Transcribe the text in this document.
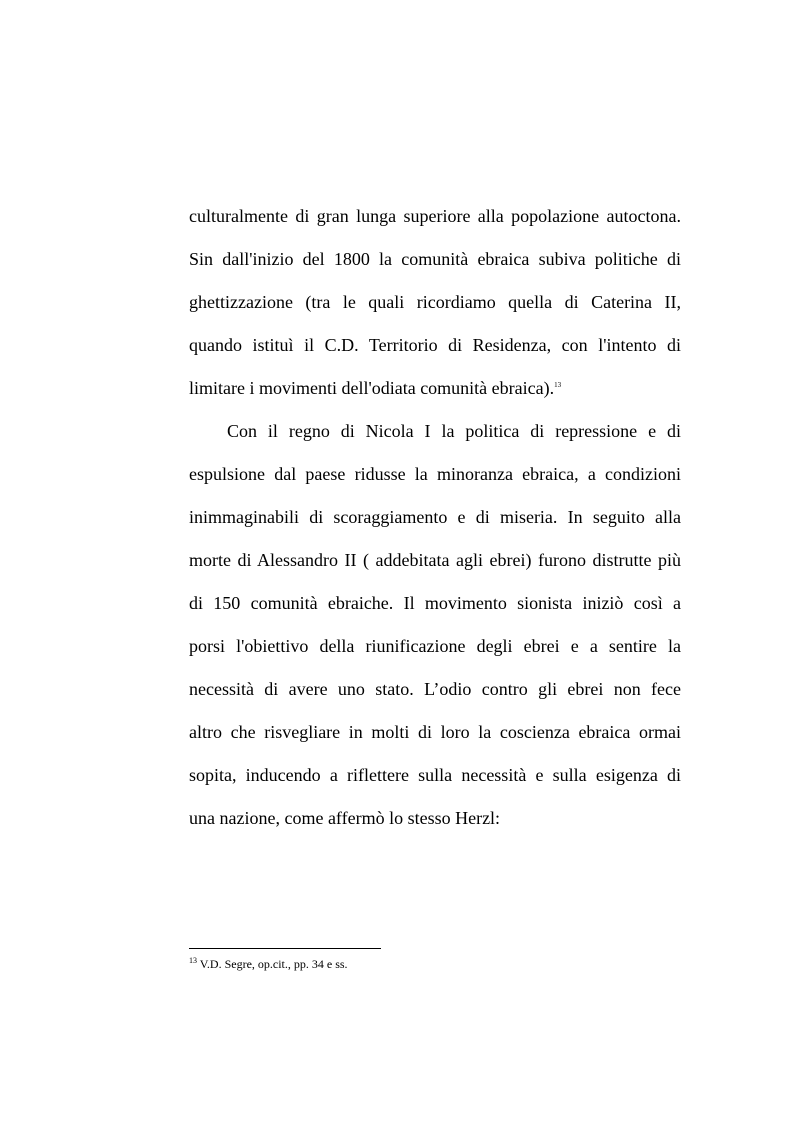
culturalmente di gran lunga superiore alla popolazione autoctona.
Sin dall'inizio del 1800 la comunità ebraica subiva politiche di
ghettizzazione (tra le quali ricordiamo quella di Caterina II,
quando istituì il C.D. Territorio di Residenza, con l'intento di
limitare i movimenti dell'odiata comunità ebraica).$^{13}$
Con il regno di Nicola I la politica di repressione e di
espulsione dal paese ridusse la minoranza ebraica, a condizioni
inimmaginabili di scoraggiamento e di miseria. In seguito alla
morte di Alessandro II ( addebitata agli ebrei) furono distrutte più
di 150 comunità ebraiche. Il movimento sionista iniziò così a
porsi l'obiettivo della riunificazione degli ebrei e a sentire la
necessità di avere uno stato. L’odio contro gli ebrei non fece
altro che risvegliare in molti di loro la coscienza ebraica ormai
sopita, inducendo a riflettere sulla necessità e sulla esigenza di
una nazione, come affermò lo stesso Herzl:
$^{13}$ V.D. Segre, op.cit., pp. 34 e ss.
